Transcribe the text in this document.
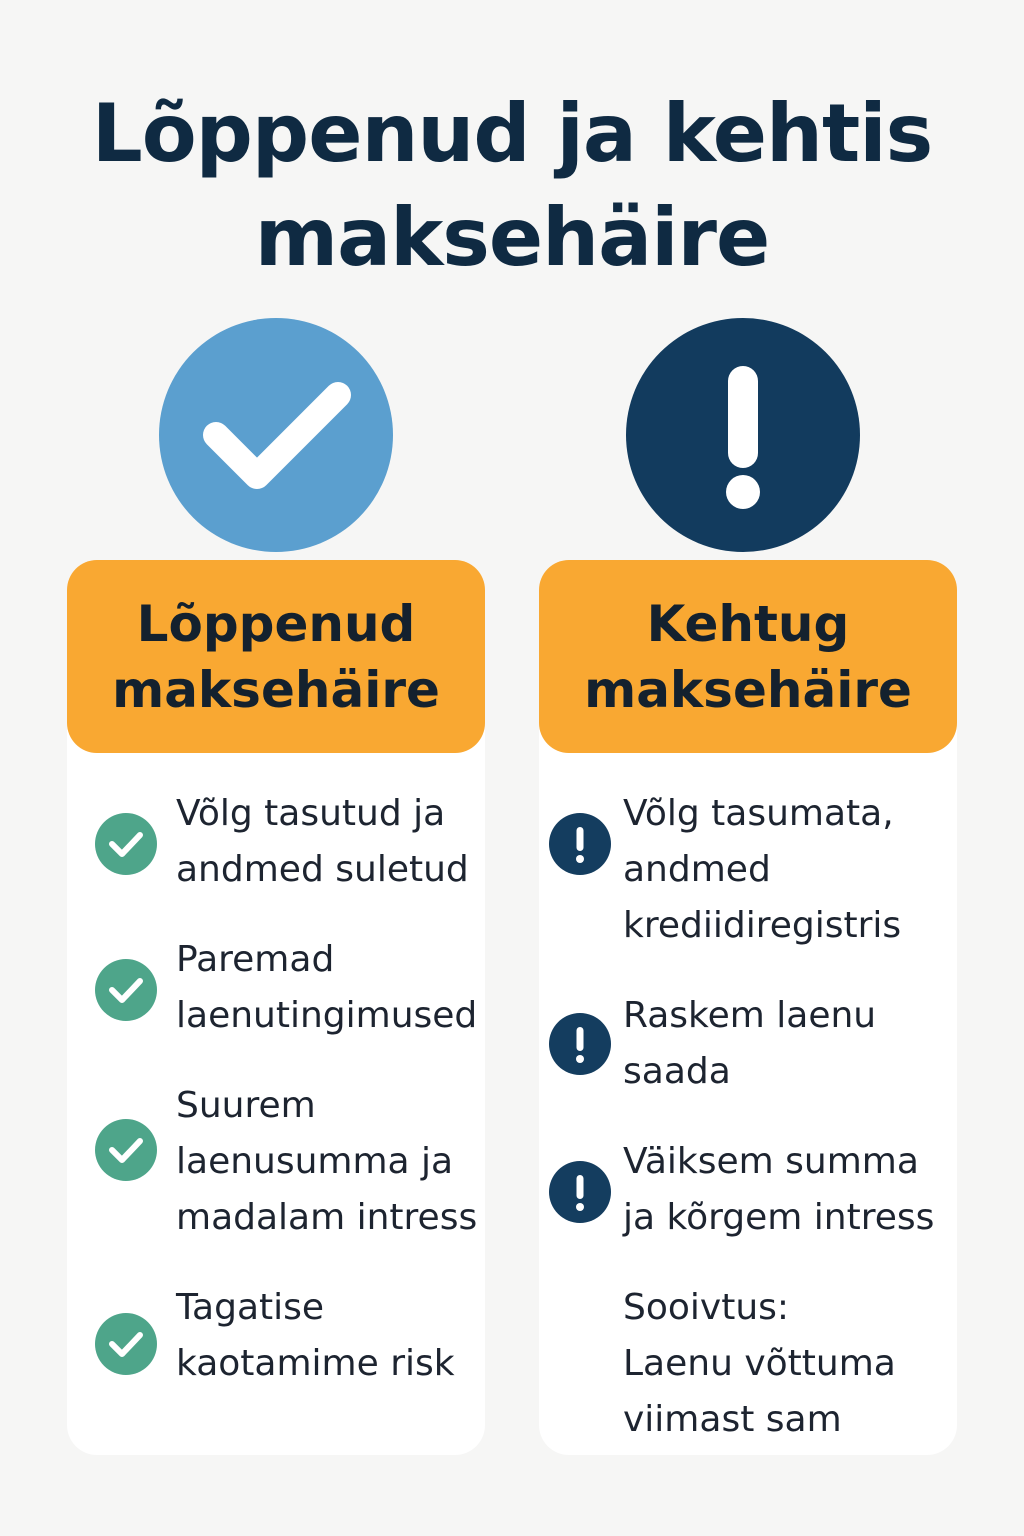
Lõppenud ja kehtis
maksehäire
Lõppenud
maksehäire
Võlg tasutud ja
andmed suletud
Paremad
laenutingimused
Suurem
laenusumma ja
madalam intress
Tagatise
kaotamime risk
Kehtug
maksehäire
Võlg tasumata,
andmed
krediidiregistris
Raskem laenu
saada
Väiksem summa
ja kõrgem intress
Sooivtus:
Laenu võttuma
viimast sam
